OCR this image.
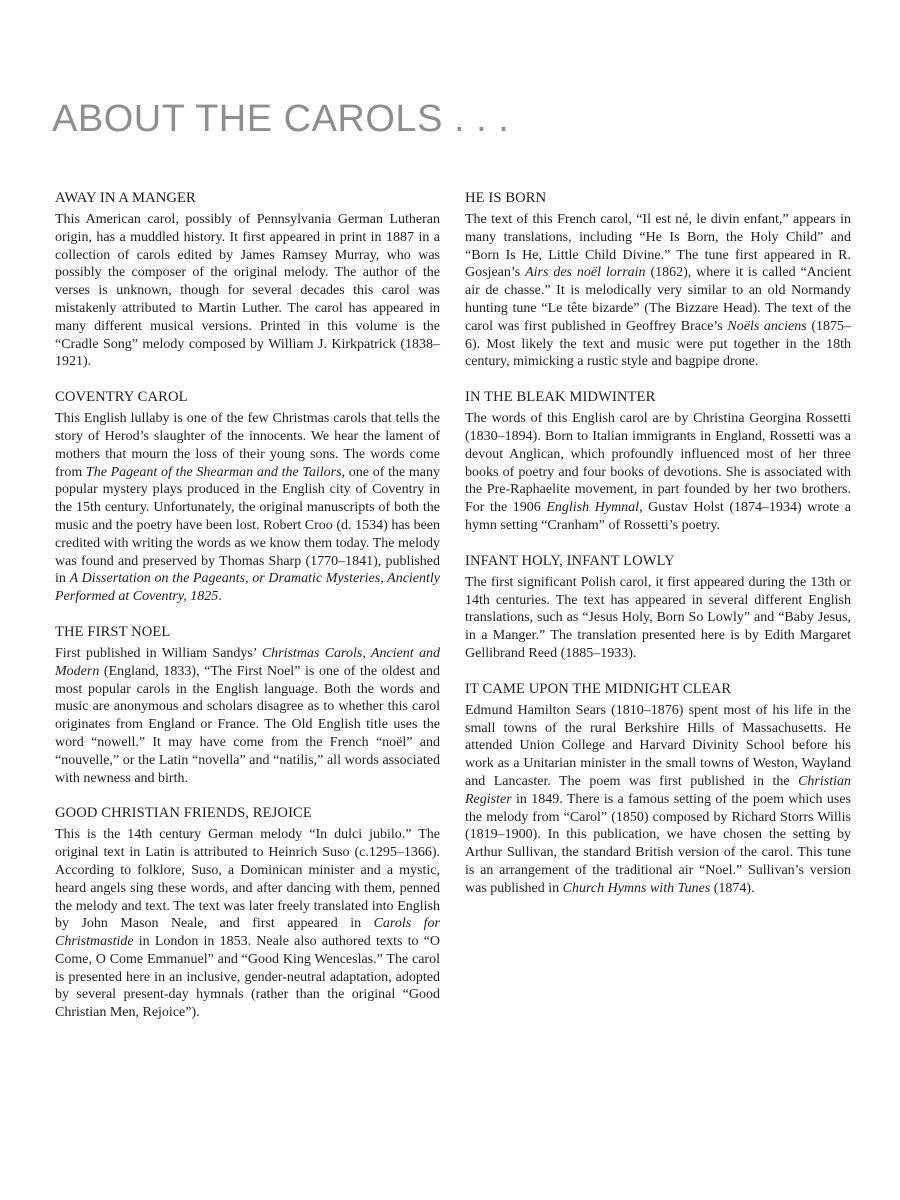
ABOUT THE CAROLS . . .
AWAY IN A MANGER

This American carol, possibly of Pennsylvania German Lutheran origin, has a muddled history. It first appeared in print in 1887 in a collection of carols edited by James Ramsey Murray, who was possibly the composer of the original melody. The author of the verses is unknown, though for several decades this carol was mistakenly attributed to Martin Luther. The carol has appeared in many different musical versions. Printed in this volume is the “Cradle Song” melody composed by William J. Kirkpatrick (1838–1921).

COVENTRY CAROL

This English lullaby is one of the few Christmas carols that tells the story of Herod’s slaughter of the innocents. We hear the lament of mothers that mourn the loss of their young sons. The words come from The Pageant of the Shearman and the Tailors, one of the many popular mystery plays produced in the English city of Coventry in the 15th century. Unfortunately, the original manuscripts of both the music and the poetry have been lost. Robert Croo (d. 1534) has been credited with writing the words as we know them today. The melody was found and preserved by Thomas Sharp (1770–1841), published in A Dissertation on the Pageants, or Dramatic Mysteries, Anciently Performed at Coventry, 1825.

THE FIRST NOEL

First published in William Sandys’ Christmas Carols, Ancient and Modern (England, 1833), “The First Noel” is one of the oldest and most popular carols in the English language. Both the words and music are anonymous and scholars disagree as to whether this carol originates from England or France. The Old English title uses the word “nowell.” It may have come from the French “noël” and “nouvelle,” or the Latin “novella” and “natilis,” all words associated with newness and birth.

GOOD CHRISTIAN FRIENDS, REJOICE

This is the 14th century German melody “In dulci jubilo.” The original text in Latin is attributed to Heinrich Suso (c.1295–1366). According to folklore, Suso, a Dominican minister and a mystic, heard angels sing these words, and after dancing with them, penned the melody and text. The text was later freely translated into English by John Mason Neale, and first appeared in Carols for Christmastide in London in 1853. Neale also authored texts to “O Come, O Come Emmanuel” and “Good King Wenceslas.” The carol is presented here in an inclusive, gender-neutral adaptation, adopted by several present-day hymnals (rather than the original “Good Christian Men, Rejoice”).

HE IS BORN

The text of this French carol, “Il est né, le divin enfant,” appears in many translations, including “He Is Born, the Holy Child” and “Born Is He, Little Child Divine.” The tune first appeared in R. Gosjean’s Airs des noël lorrain (1862), where it is called “Ancient air de chasse.” It is melodically very similar to an old Normandy hunting tune “Le tête bizarde” (The Bizzare Head). The text of the carol was first published in Geoffrey Brace’s Noëls anciens (1875–6). Most likely the text and music were put together in the 18th century, mimicking a rustic style and bagpipe drone.

IN THE BLEAK MIDWINTER

The words of this English carol are by Christina Georgina Rossetti (1830–1894). Born to Italian immigrants in England, Rossetti was a devout Anglican, which profoundly influenced most of her three books of poetry and four books of devotions. She is associated with the Pre-Raphaelite movement, in part founded by her two brothers. For the 1906 English Hymnal, Gustav Holst (1874–1934) wrote a hymn setting “Cranham” of Rossetti’s poetry.

INFANT HOLY, INFANT LOWLY

The first significant Polish carol, it first appeared during the 13th or 14th centuries. The text has appeared in several different English translations, such as “Jesus Holy, Born So Lowly” and “Baby Jesus, in a Manger.” The translation presented here is by Edith Margaret Gellibrand Reed (1885–1933).

IT CAME UPON THE MIDNIGHT CLEAR

Edmund Hamilton Sears (1810–1876) spent most of his life in the small towns of the rural Berkshire Hills of Massachusetts. He attended Union College and Harvard Divinity School before his work as a Unitarian minister in the small towns of Weston, Wayland and Lancaster. The poem was first published in the Christian Register in 1849. There is a famous setting of the poem which uses the melody from “Carol” (1850) composed by Richard Storrs Willis (1819–1900). In this publication, we have chosen the setting by Arthur Sullivan, the standard British version of the carol. This tune is an arrangement of the traditional air “Noel.” Sullivan’s version was published in Church Hymns with Tunes (1874).
